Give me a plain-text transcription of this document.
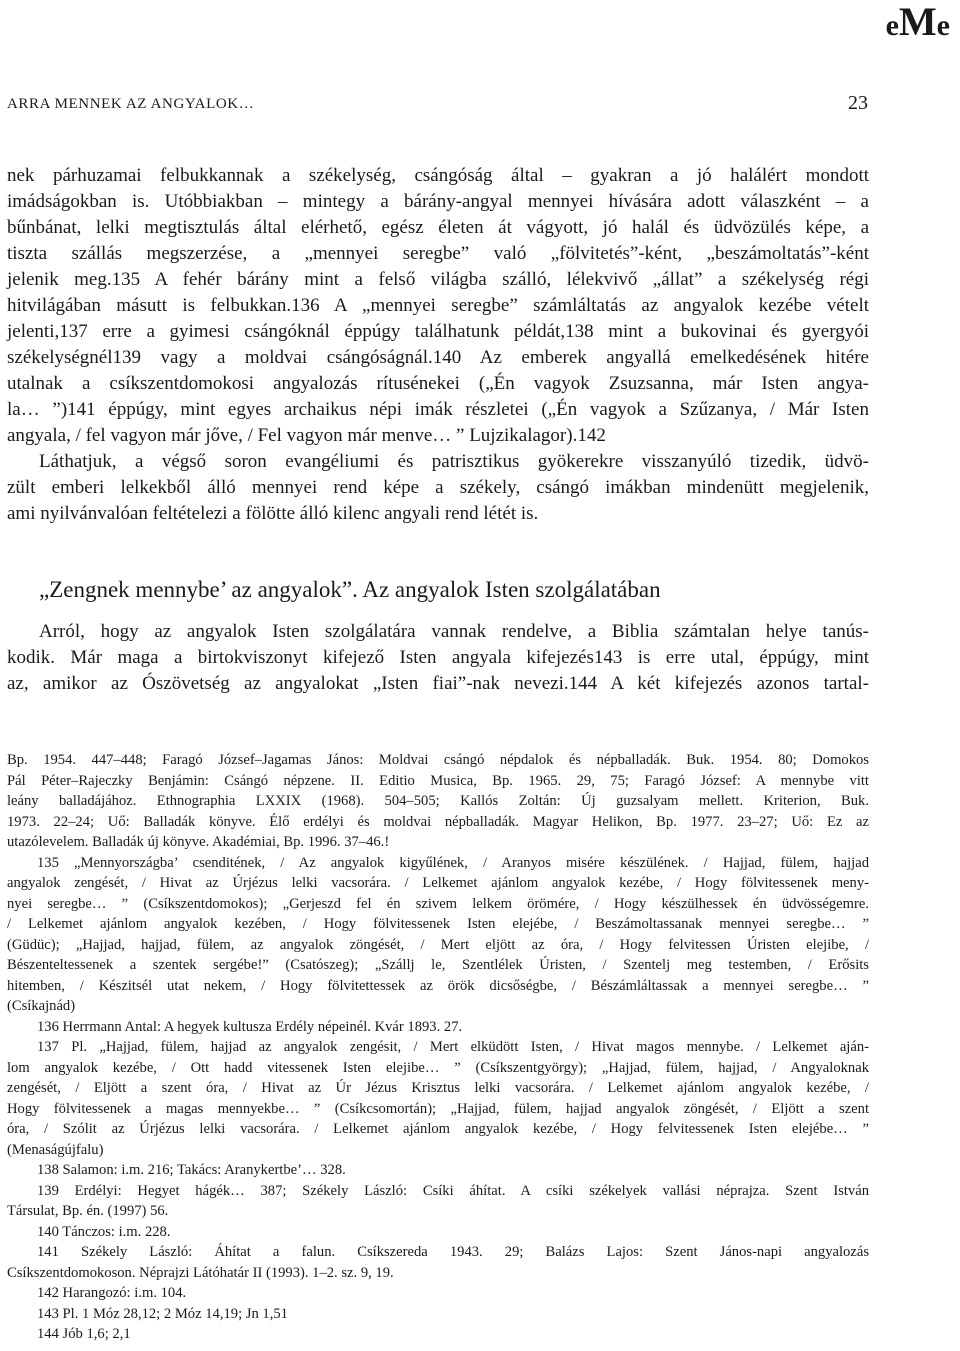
eMe
ARRA MENNEK AZ ANGYALOK…	23

nek párhuzamai felbukkannak a székelység, csángóság által – gyakran a jó halálért mondott
imádságokban is. Utóbbiakban – mintegy a bárány-angyal mennyei hívására adott válaszként – a
bűnbánat, lelki megtisztulás által elérhető, egész életen át vágyott, jó halál és üdvözülés képe, a
tiszta szállás megszerzése, a „mennyei seregbe” való „fölvitetés”-ként, „beszámoltatás”-ként
jelenik meg.135 A fehér bárány mint a felső világba szálló, lélekvivő „állat” a székelység régi
hitvilágában másutt is felbukkan.136 A „mennyei seregbe” számláltatás az angyalok kezébe vételt
jelenti,137 erre a gyimesi csángóknál éppúgy találhatunk példát,138 mint a bukovinai és gyergyói
székelységnél139 vagy a moldvai csángóságnál.140 Az emberek angyallá emelkedésének hitére
utalnak a csíkszentdomokosi angyalozás rítusénekei („Én vagyok Zsuzsanna, már Isten angya-
la… ”)141 éppúgy, mint egyes archaikus népi imák részletei („Én vagyok a Szűzanya, / Már Isten
angyala, / fel vagyon már jőve, / Fel vagyon már menve… ” Lujzikalagor).142

Láthatjuk, a végső soron evangéliumi és patrisztikus gyökerekre visszanyúló tizedik, üdvö-
zült emberi lelkekből álló mennyei rend képe a székely, csángó imákban mindenütt megjelenik,
ami nyilvánvalóan feltételezi a fölötte álló kilenc angyali rend létét is.

„Zengnek mennybe’ az angyalok”. Az angyalok Isten szolgálatában

Arról, hogy az angyalok Isten szolgálatára vannak rendelve, a Biblia számtalan helye tanús-
kodik. Már maga a birtokviszonyt kifejező Isten angyala kifejezés143 is erre utal, éppúgy, mint
az, amikor az Ószövetség az angyalokat „Isten fiai”-nak nevezi.144 A két kifejezés azonos tartal-

Bp. 1954. 447–448; Faragó József–Jagamas János: Moldvai csángó népdalok és népballadák. Buk. 1954. 80; Domokos
Pál Péter–Rajeczky Benjámin: Csángó népzene. II. Editio Musica, Bp. 1965. 29, 75; Faragó József: A mennybe vitt
leány balladájához. Ethnographia LXXIX (1968). 504–505; Kallós Zoltán: Új guzsalyam mellett. Kriterion, Buk.
1973. 22–24; Uő: Balladák könyve. Élő erdélyi és moldvai népballadák. Magyar Helikon, Bp. 1977. 23–27; Uő: Ez az
utazólevelem. Balladák új könyve. Akadémiai, Bp. 1996. 37–46.!
135 „Mennyországba’ csenditének, / Az angyalok kigyűlének, / Aranyos misére készülének. / Hajjad, fülem, hajjad
angyalok zengését, / Hivat az Úrjézus lelki vacsorára. / Lelkemet ajánlom angyalok kezébe, / Hogy fölvitessenek meny-
nyei seregbe… ” (Csíkszentdomokos); „Gerjeszd fel én szivem lelkem örömére, / Hogy készülhessek én üdvösségemre.
/ Lelkemet ajánlom angyalok kezében, / Hogy fölvitessenek Isten elejébe, / Beszámoltassanak mennyei seregbe… ”
(Güdüc); „Hajjad, hajjad, fülem, az angyalok zöngését, / Mert eljött az óra, / Hogy felvitessen Úristen elejibe, /
Bészenteltessenek a szentek sergébe!” (Csatószeg); „Szállj le, Szentlélek Úristen, / Szentelj meg testemben, / Erősits
hitemben, / Készitsél utat nekem, / Hogy fölvitettessek az örök dicsőségbe, / Bészámláltassak a mennyei seregbe… ”
(Csíkajnád)
136 Herrmann Antal: A hegyek kultusza Erdély népeinél. Kvár 1893. 27.
137 Pl. „Hajjad, fülem, hajjad az angyalok zengésit, / Mert elküdött Isten, / Hivat magos mennybe. / Lelkemet aján-
lom angyalok kezébe, / Ott hadd vitessenek Isten elejibe… ” (Csíkszentgyörgy); „Hajjad, fülem, hajjad, / Angyaloknak
zengését, / Eljött a szent óra, / Hivat az Úr Jézus Krisztus lelki vacsorára. / Lelkemet ajánlom angyalok kezébe, /
Hogy fölvitessenek a magas mennyekbe… ” (Csíkcsomortán); „Hajjad, fülem, hajjad angyalok zöngését, / Eljött a szent
óra, / Szólit az Úrjézus lelki vacsorára. / Lelkemet ajánlom angyalok kezébe, / Hogy felvitessenek Isten elejébe… ”
(Menaságújfalu)
138 Salamon: i.m. 216; Takács: Aranykertbe’… 328.
139 Erdélyi: Hegyet hágék… 387; Székely László: Csíki áhítat. A csíki székelyek vallási néprajza. Szent István
Társulat, Bp. én. (1997) 56.
140 Tánczos: i.m. 228.
141 Székely László: Áhítat a falun. Csíkszereda 1943. 29; Balázs Lajos: Szent János-napi angyalozás
Csíkszentdomokoson. Néprajzi Látóhatár II (1993). 1–2. sz. 9, 19.
142 Harangozó: i.m. 104.
143 Pl. 1 Móz 28,12; 2 Móz 14,19; Jn 1,51
144 Jób 1,6; 2,1
